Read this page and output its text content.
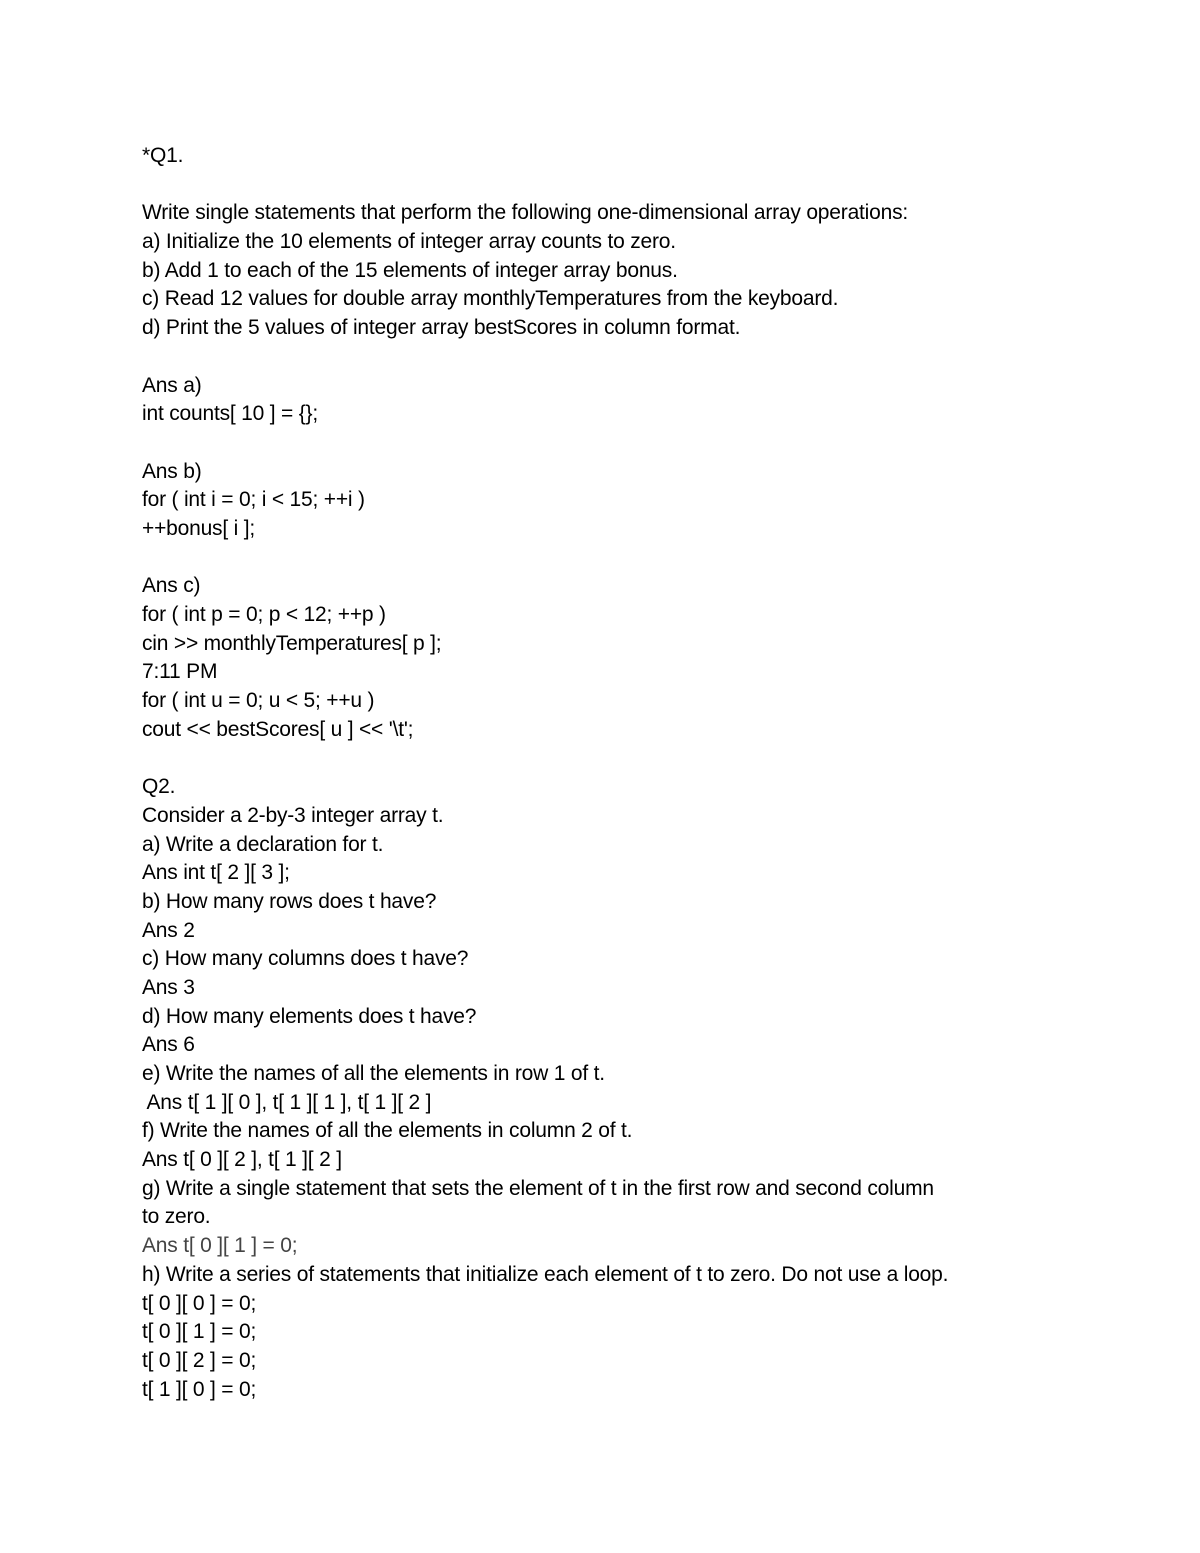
*Q1.
Write single statements that perform the following one-dimensional array operations:
a) Initialize the 10 elements of integer array counts to zero.
b) Add 1 to each of the 15 elements of integer array bonus.
c) Read 12 values for double array monthlyTemperatures from the keyboard.
d) Print the 5 values of integer array bestScores in column format.
Ans a)
int counts[ 10 ] = {};
Ans b)
for ( int i = 0; i < 15; ++i )
++bonus[ i ];
Ans c)
for ( int p = 0; p < 12; ++p )
cin >> monthlyTemperatures[ p ];
7:11 PM
for ( int u = 0; u < 5; ++u )
cout << bestScores[ u ] << '\t';
Q2.
Consider a 2-by-3 integer array t.
a) Write a declaration for t.
Ans int t[ 2 ][ 3 ];
b) How many rows does t have?
Ans 2
c) How many columns does t have?
Ans 3
d) How many elements does t have?
Ans 6
e) Write the names of all the elements in row 1 of t.
Ans t[ 1 ][ 0 ], t[ 1 ][ 1 ], t[ 1 ][ 2 ]
f) Write the names of all the elements in column 2 of t.
Ans t[ 0 ][ 2 ], t[ 1 ][ 2 ]
g) Write a single statement that sets the element of t in the first row and second column
to zero.
Ans t[ 0 ][ 1 ] = 0;
h) Write a series of statements that initialize each element of t to zero. Do not use a loop.
t[ 0 ][ 0 ] = 0;
t[ 0 ][ 1 ] = 0;
t[ 0 ][ 2 ] = 0;
t[ 1 ][ 0 ] = 0;
